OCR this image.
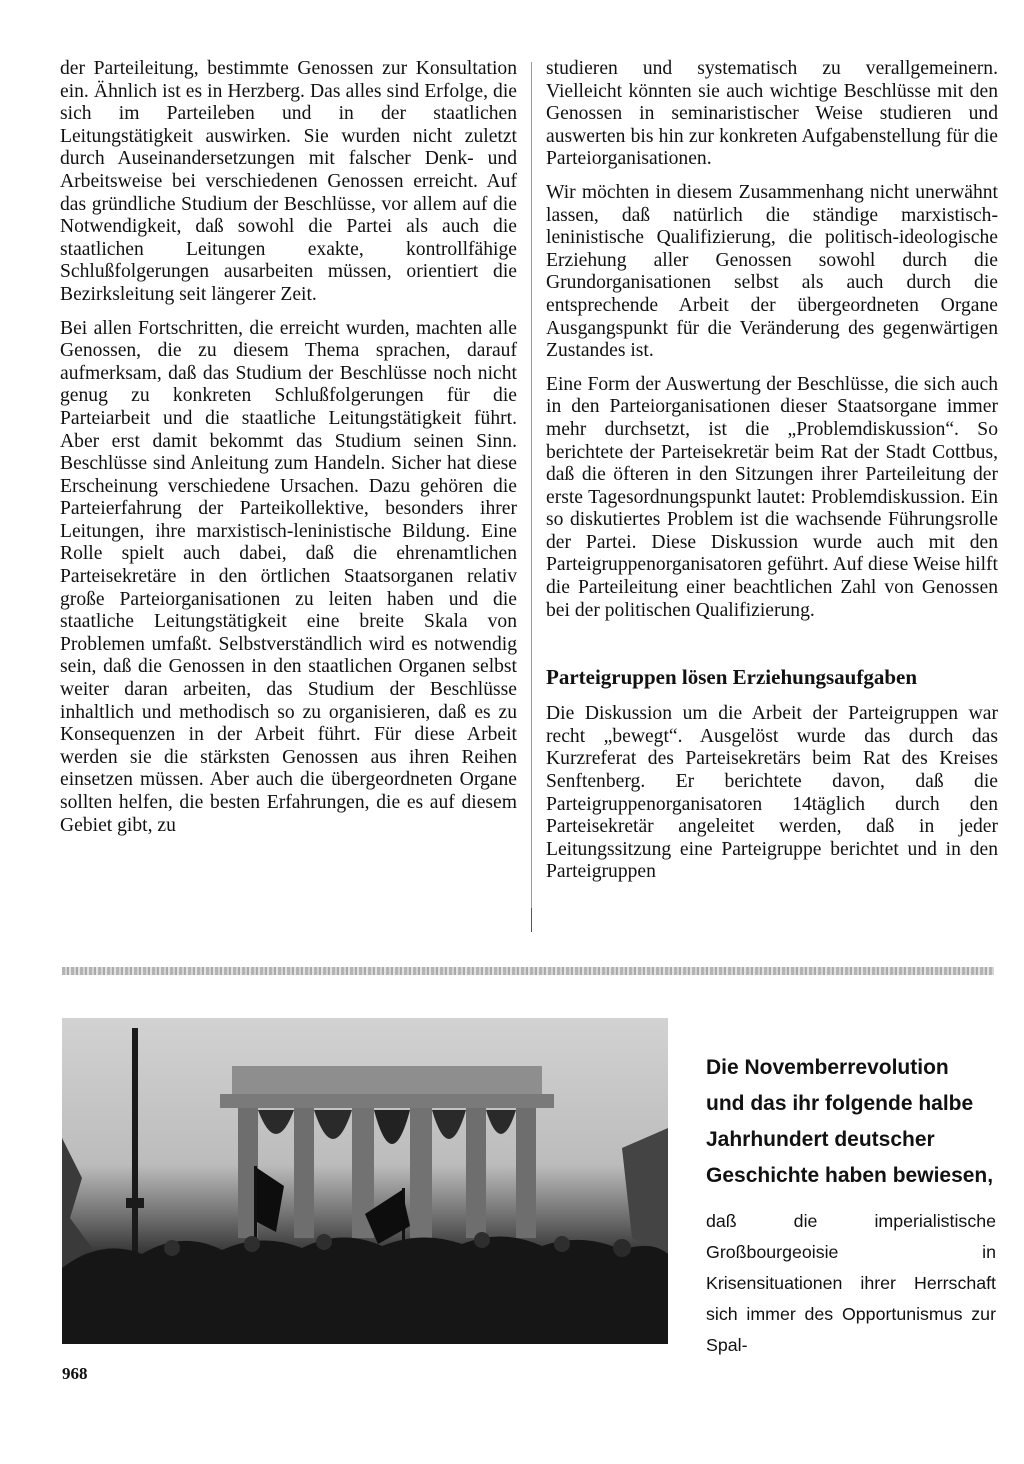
der Parteileitung, bestimmte Genossen zur Konsultation ein. Ähnlich ist es in Herzberg. Das alles sind Erfolge, die sich im Parteileben und in der staatlichen Leitungstätigkeit auswirken. Sie wurden nicht zuletzt durch Auseinandersetzungen mit falscher Denk- und Arbeitsweise bei verschiedenen Genossen erreicht. Auf das gründliche Studium der Beschlüsse, vor allem auf die Notwendigkeit, daß sowohl die Partei als auch die staatlichen Leitungen exakte, kontrollfähige Schlußfolgerungen ausarbeiten müssen, orientiert die Bezirksleitung seit längerer Zeit.

Bei allen Fortschritten, die erreicht wurden, machten alle Genossen, die zu diesem Thema sprachen, darauf aufmerksam, daß das Studium der Beschlüsse noch nicht genug zu konkreten Schlußfolgerungen für die Parteiarbeit und die staatliche Leitungstätigkeit führt. Aber erst damit bekommt das Studium seinen Sinn. Beschlüsse sind Anleitung zum Handeln. Sicher hat diese Erscheinung verschiedene Ursachen. Dazu gehören die Parteierfahrung der Parteikollektive, besonders ihrer Leitungen, ihre marxistisch-leninistische Bildung. Eine Rolle spielt auch dabei, daß die ehrenamtlichen Parteisekretäre in den örtlichen Staatsorganen relativ große Parteiorganisationen zu leiten haben und die staatliche Leitungstätigkeit eine breite Skala von Problemen umfaßt. Selbstverständlich wird es notwendig sein, daß die Genossen in den staatlichen Organen selbst weiter daran arbeiten, das Studium der Beschlüsse inhaltlich und methodisch so zu organisieren, daß es zu Konsequenzen in der Arbeit führt. Für diese Arbeit werden sie die stärksten Genossen aus ihren Reihen einsetzen müssen. Aber auch die übergeordneten Organe sollten helfen, die besten Erfahrungen, die es auf diesem Gebiet gibt, zu

studieren und systematisch zu verallgemeinern. Vielleicht könnten sie auch wichtige Beschlüsse mit den Genossen in seminaristischer Weise studieren und auswerten bis hin zur konkreten Aufgabenstellung für die Parteiorganisationen.

Wir möchten in diesem Zusammenhang nicht unerwähnt lassen, daß natürlich die ständige marxistisch-leninistische Qualifizierung, die politisch-ideologische Erziehung aller Genossen sowohl durch die Grundorganisationen selbst als auch durch die entsprechende Arbeit der übergeordneten Organe Ausgangspunkt für die Veränderung des gegenwärtigen Zustandes ist.

Eine Form der Auswertung der Beschlüsse, die sich auch in den Parteiorganisationen dieser Staatsorgane immer mehr durchsetzt, ist die „Problemdiskussion“. So berichtete der Parteisekretär beim Rat der Stadt Cottbus, daß die öfteren in den Sitzungen ihrer Parteileitung der erste Tagesordnungspunkt lautet: Problemdiskussion. Ein so diskutiertes Problem ist die wachsende Führungsrolle der Partei. Diese Diskussion wurde auch mit den Parteigruppenorganisatoren geführt. Auf diese Weise hilft die Parteileitung einer beachtlichen Zahl von Genossen bei der politischen Qualifizierung.

Parteigruppen lösen Erziehungsaufgaben

Die Diskussion um die Arbeit der Parteigruppen war recht „bewegt“. Ausgelöst wurde das durch das Kurzreferat des Parteisekretärs beim Rat des Kreises Senftenberg. Er berichtete davon, daß die Parteigruppenorganisatoren 14täglich durch den Parteisekretär angeleitet werden, daß in jeder Leitungssitzung eine Parteigruppe berichtet und in den Parteigruppen

Die Novemberrevolution
und das ihr folgende halbe
Jahrhundert deutscher
Geschichte haben bewiesen,

daß die imperialistische Großbourgeoisie in Krisensituationen ihrer Herrschaft sich immer des Opportunismus zur Spal-

968
